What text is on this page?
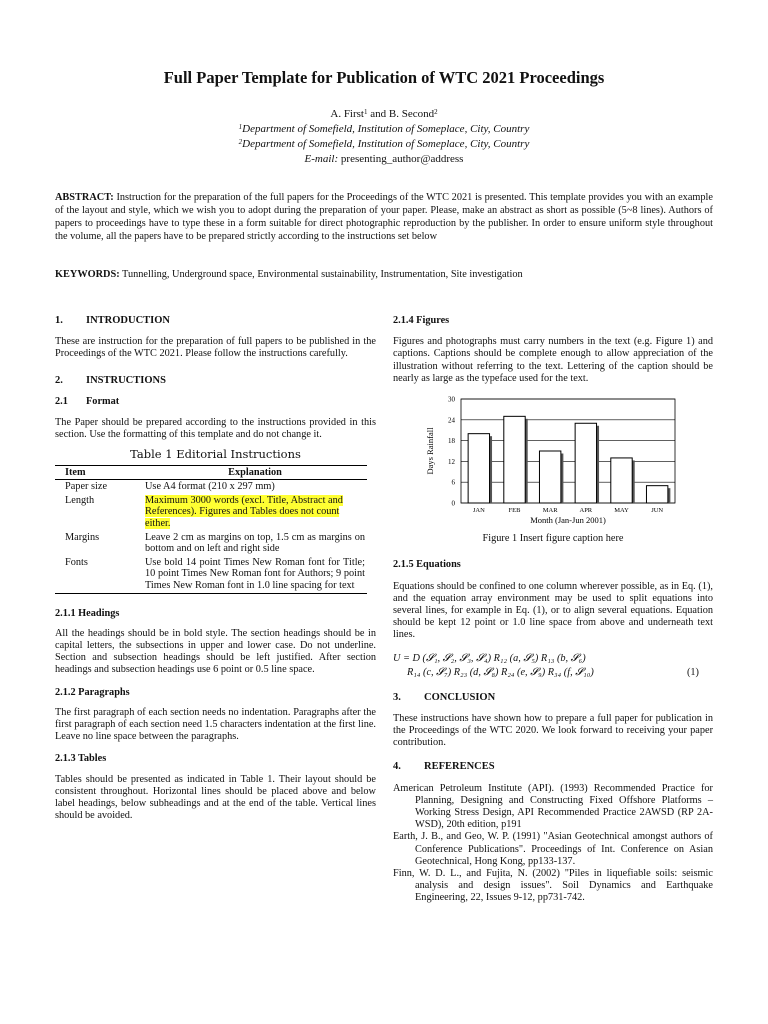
Full Paper Template for Publication of WTC 2021 Proceedings
A. First$^1$ and B. Second$^2$
$^1$Department of Somefield, Institution of Someplace, City, Country
$^2$Department of Somefield, Institution of Someplace, City, Country
E-mail: presenting_author@address

ABSTRACT: Instruction for the preparation of the full papers for the Proceedings of the WTC 2021 is presented. This template provides you with an example of the layout and style, which we wish you to adopt during the preparation of your paper. Please, make an abstract as short as possible (5~8 lines). Authors of papers to proceedings have to type these in a form suitable for direct photographic reproduction by the publisher. In order to ensure uniform style throughout the volume, all the papers have to be prepared strictly according to the instructions set below

KEYWORDS: Tunnelling, Underground space, Environmental sustainability, Instrumentation, Site investigation

1.	INTRODUCTION

These are instruction for the preparation of full papers to be published in the Proceedings of the WTC 2021. Please follow the instructions carefully.

2.	INSTRUCTIONS
2.1	Format

The Paper should be prepared according to the instructions provided in this section. Use the formatting of this template and do not change it.

Table 1 Editorial Instructions

Item	Explanation
Paper size	Use A4 format (210 x 297 mm)
Length	Maximum 3000 words (excl. Title, Abstract and References). Figures and Tables does not count either.
Margins	Leave 2 cm as margins on top, 1.5 cm as margins on bottom and on left and right side
Fonts	Use bold 14 point Times New Roman font for Title; 10 point Times New Roman font for Authors; 9 point Times New Roman font in 1.0 line spacing for text

2.1.1 Headings

All the headings should be in bold style. The section headings should be in capital letters, the subsections in upper and lower case. Do not underline. Section and subsection headings should be left justified. After section headings and subsection headings use 6 point or 0.5 line space.

2.1.2 Paragraphs

The first paragraph of each section needs no indentation. Paragraphs after the first paragraph of each section need 1.5 characters indentation at the first line. Leave no line space between the paragraphs.

2.1.3 Tables

Tables should be presented as indicated in Table 1. Their layout should be consistent throughout. Horizontal lines should be placed above and below label headings, below subheadings and at the end of the table. Vertical lines should be avoided.

2.1.4 Figures

Figures and photographs must carry numbers in the text (e.g. Figure 1) and captions. Captions should be complete enough to allow appreciation of the illustration without referring to the text. Lettering of the caption should be nearly as large as the typeface used for the text.

0
6
12
18
24
30
JAN	FEB	MAR	APR	MAY	JUN
Days Rainfall
Month (Jan-Jun 2001)

Figure 1 Insert figure caption here

2.1.5 Equations

Equations should be confined to one column wherever possible, as in Eq. (1), and the equation array environment may be used to split equations into several lines, for example in Eq. (1), or to align several equations. Equation should be kept 12 point or 1.0 line space from above and underneath text lines.

U = D (𝓢₁, 𝓢₂, 𝓢₃, 𝓢₄) R₁₂ (a, 𝓢₅) R₁₃ (b, 𝓢₆)
R₁₄ (c, 𝓢₇) R₂₃ (d, 𝓢₈) R₂₄ (e, 𝓢₉) R₃₄ (f, 𝓢₁₀)	(1)
3.	CONCLUSION

These instructions have shown how to prepare a full paper for publication in the Proceedings of the WTC 2020. We look forward to receiving your paper contribution.

4.	REFERENCES

American Petroleum Institute (API). (1993) Recommended Practice for Planning, Designing and Constructing Fixed Offshore Platforms – Working Stress Design, API Recommended Practice 2AWSD (RP 2A-WSD), 20th edition, p191

Earth, J. B., and Geo, W. P. (1991) "Asian Geotechnical amongst authors of Conference Publications". Proceedings of Int. Conference on Asian Geotechnical, Hong Kong, pp133-137.

Finn, W. D. L., and Fujita, N. (2002) "Piles in liquefiable soils: seismic analysis and design issues". Soil Dynamics and Earthquake Engineering, 22, Issues 9-12, pp731-742.
